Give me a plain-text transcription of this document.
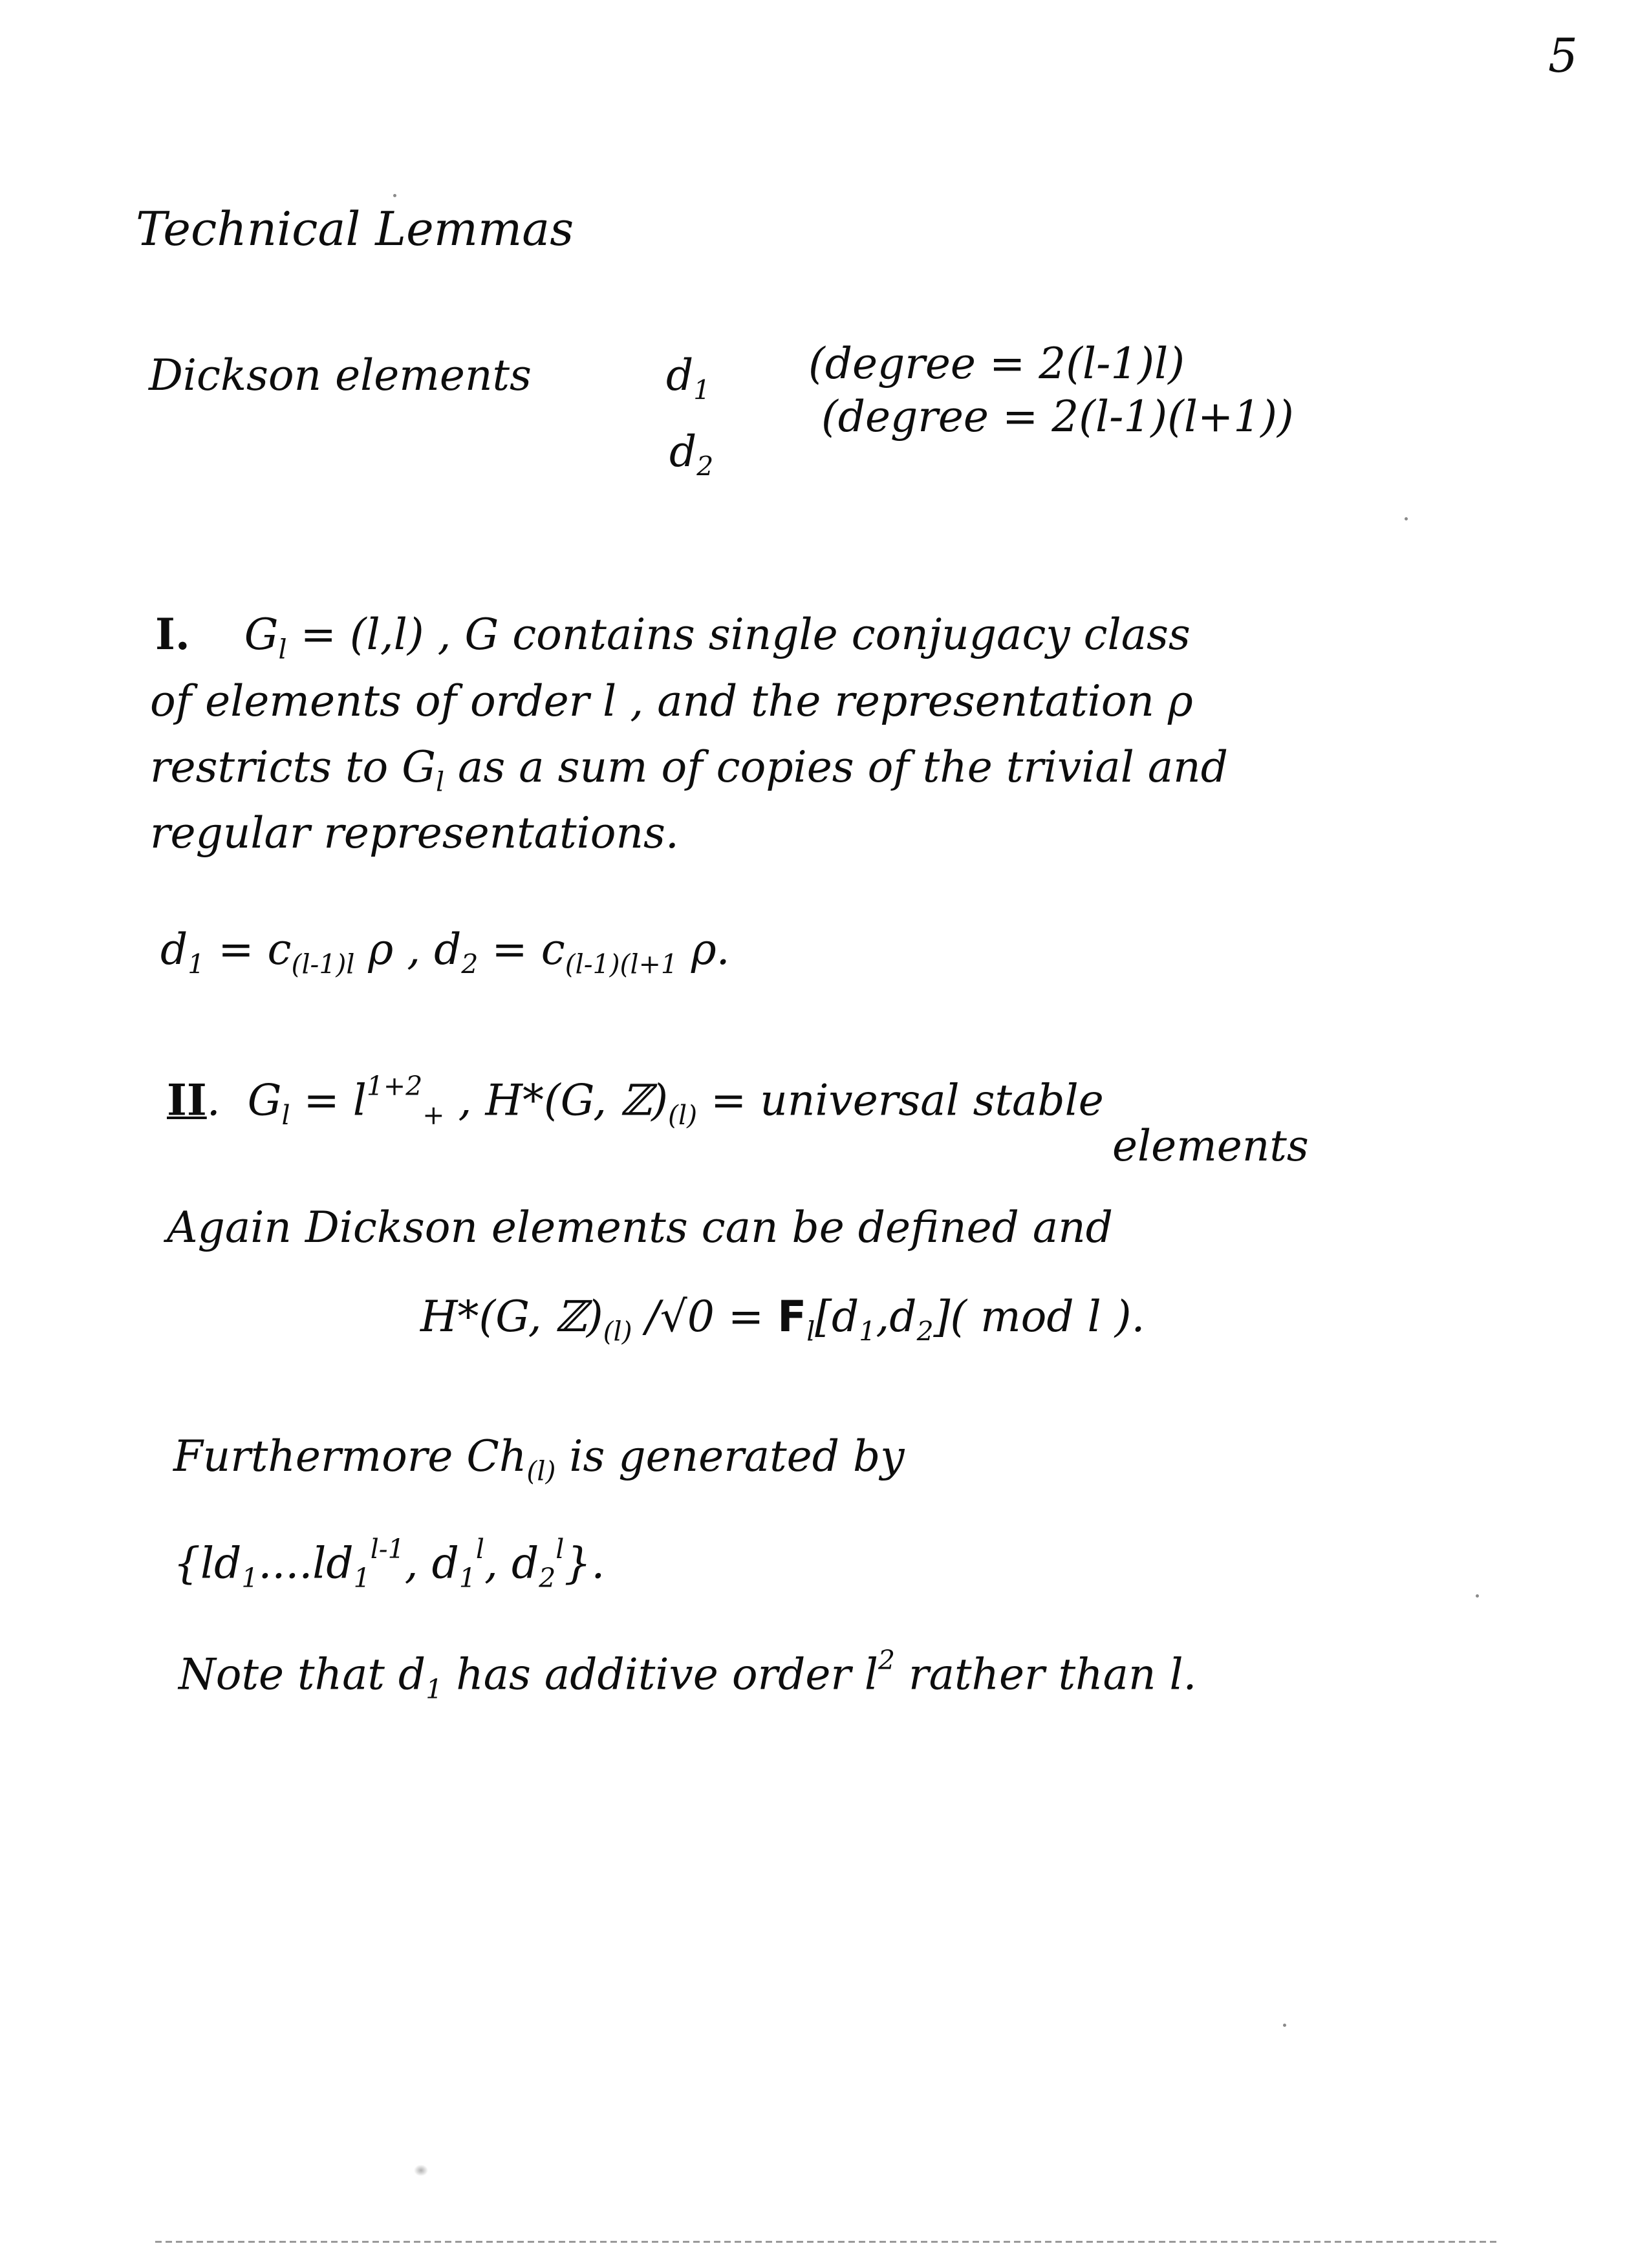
5
Technical Lemmas
Dickson elements	$d_1$
(degree = 2(l-1)l)
$d_2$
(degree = 2(l-1)(l+1))
I. $G_l = (l,l)$ , G contains single conjugacy class
of elements of order l , and the representation ρ
restricts to $G_l$ as a sum of copies of the trivial and
regular representations.
$d_1 = c_{(l-1)l}$ ρ , $d_2 = c_{(l-1)(l+1}$ ρ.
II. $G_l = l^{1+2}_+$ , H*(G, $ℤ)_{(l)}$ = universal stable
elements
Again Dickson elements can be defined and
H*(G, $ℤ)_{(l)}$ $/√0 = F_l[d_1,d_2]$( mod l ).
Furthermore $Ch_{(l)}$ is generated by
{$ld_1....ld_1^{l-1}$, $d_1^l$, $d_2^l$}.
Note that $d_1$ has additive order $l^2$ rather than l.
